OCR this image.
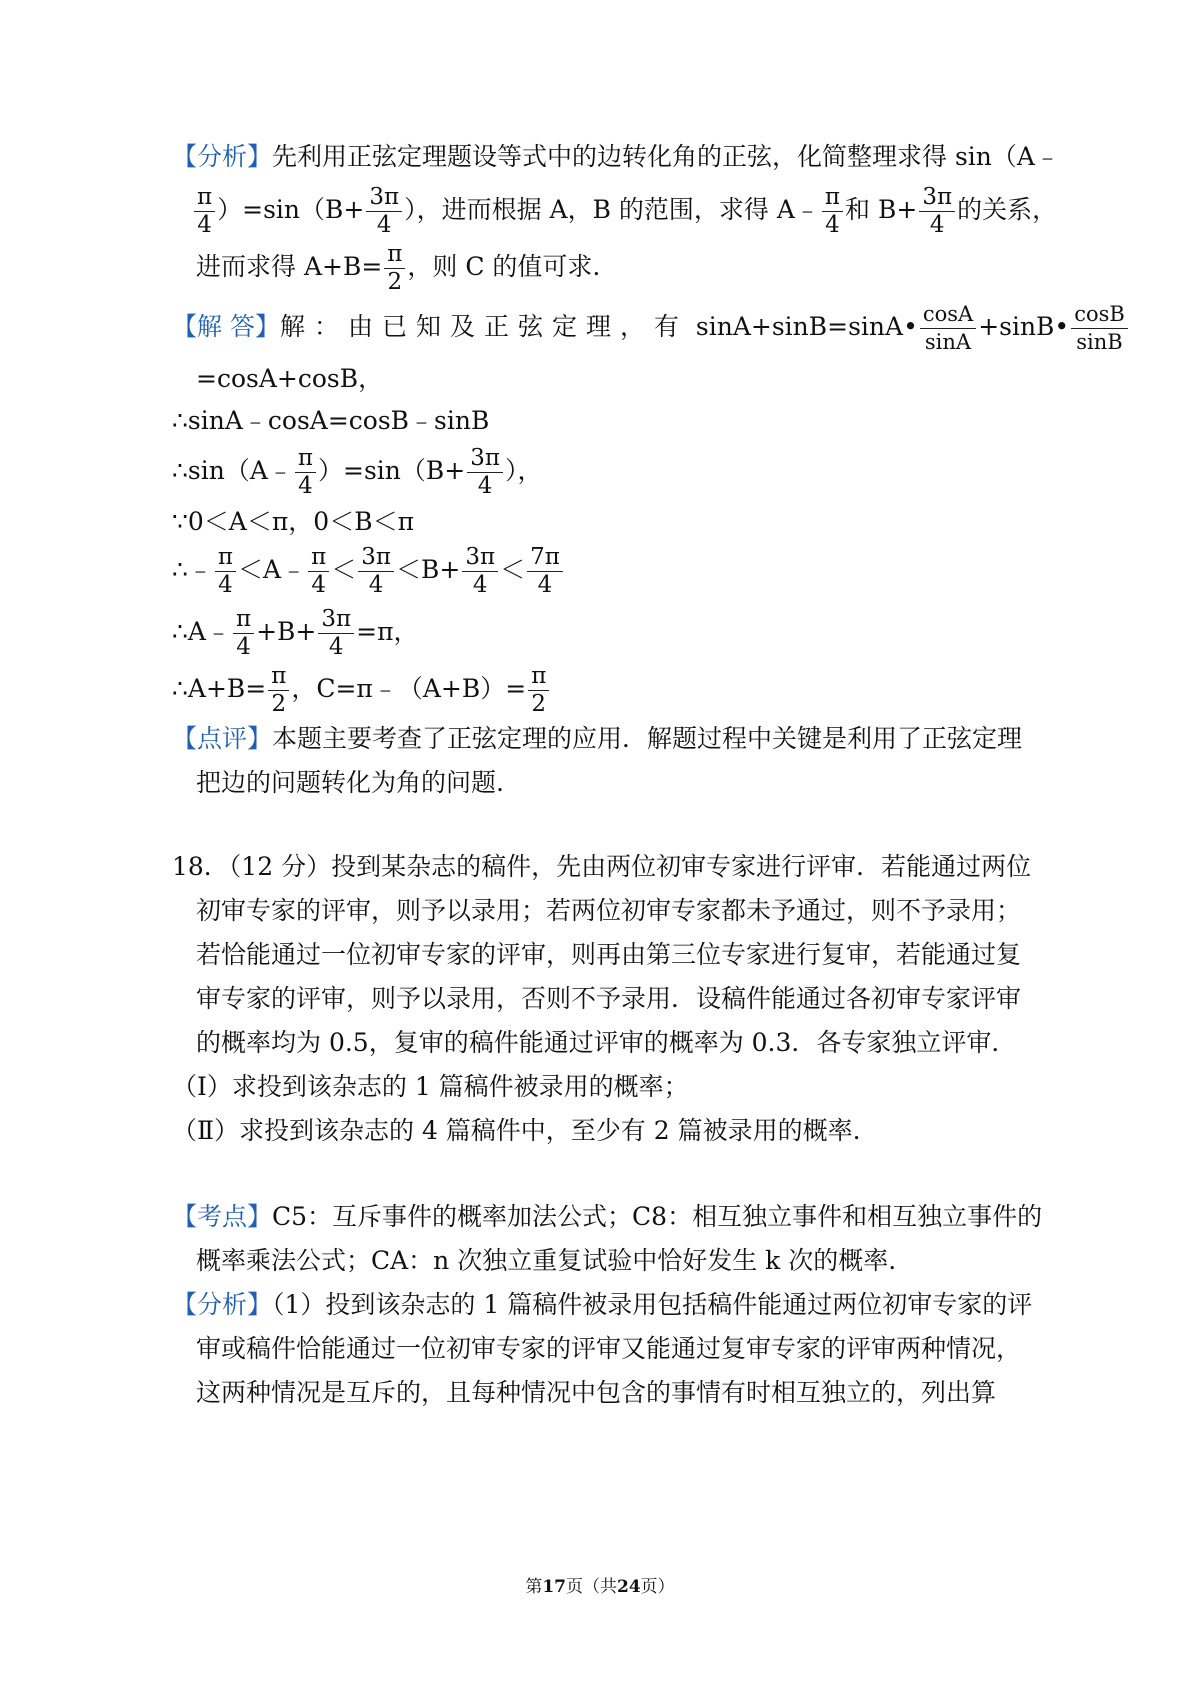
【分析】先利用正弦定理题设等式中的边转化角的正弦，化简整理求得 sin（A﹣
$\frac{\pi}{4} )=\sin(B+ \frac{3\pi}{4}$ ），进而根据 A，B 的范围，求得 A﹣ $\frac{\pi}{4}$ 和 $B+ \frac{3\pi}{4}$ 的关系，
进而求得 $A+B= \frac{\pi}{2}$ ，则 C 的值可求.
【解 答】解：由已知及正弦定理，有 sinA+sinB=sinA• $\frac{\cos A}{\sin A}$ +sinB• $\frac{\cos B}{\sin B}$
=cosA+cosB，
∴sinA﹣cosA=cosB﹣sinB
∴sin（A﹣ $\frac{\pi}{4} )=\sin(B+ \frac{3\pi}{4}$ ），
∵0＜A＜π，0＜B＜π
∴﹣ $\frac{\pi}{4}$ ＜A﹣ $\frac{\pi}{4} < \frac{3\pi}{4} <B+ \frac{3\pi}{4} < \frac{7\pi}{4}$
∴A﹣ $\frac{\pi}{4} +B+ \frac{3\pi}{4} =\pi$，
∴A+B= $\frac{\pi}{2}$ ，C=π﹣（A+B）= $\frac{\pi}{2}$
【点评】本题主要考查了正弦定理的应用．解题过程中关键是利用了正弦定理
把边的问题转化为角的问题.
18．（12 分）投到某杂志的稿件，先由两位初审专家进行评审．若能通过两位
初审专家的评审，则予以录用；若两位初审专家都未予通过，则不予录用；
若恰能通过一位初审专家的评审，则再由第三位专家进行复审，若能通过复
审专家的评审，则予以录用，否则不予录用．设稿件能通过各初审专家评审
的概率均为 0.5，复审的稿件能通过评审的概率为 0.3．各专家独立评审．
（Ⅰ）求投到该杂志的 1 篇稿件被录用的概率；
（Ⅱ）求投到该杂志的 4 篇稿件中，至少有 2 篇被录用的概率.
【考点】C5：互斥事件的概率加法公式；C8：相互独立事件和相互独立事件的
概率乘法公式；CA：n 次独立重复试验中恰好发生 k 次的概率.
【分析】（1）投到该杂志的 1 篇稿件被录用包括稿件能通过两位初审专家的评
审或稿件恰能通过一位初审专家的评审又能通过复审专家的评审两种情况，
这两种情况是互斥的，且每种情况中包含的事情有时相互独立的，列出算
第17页（共24页）
